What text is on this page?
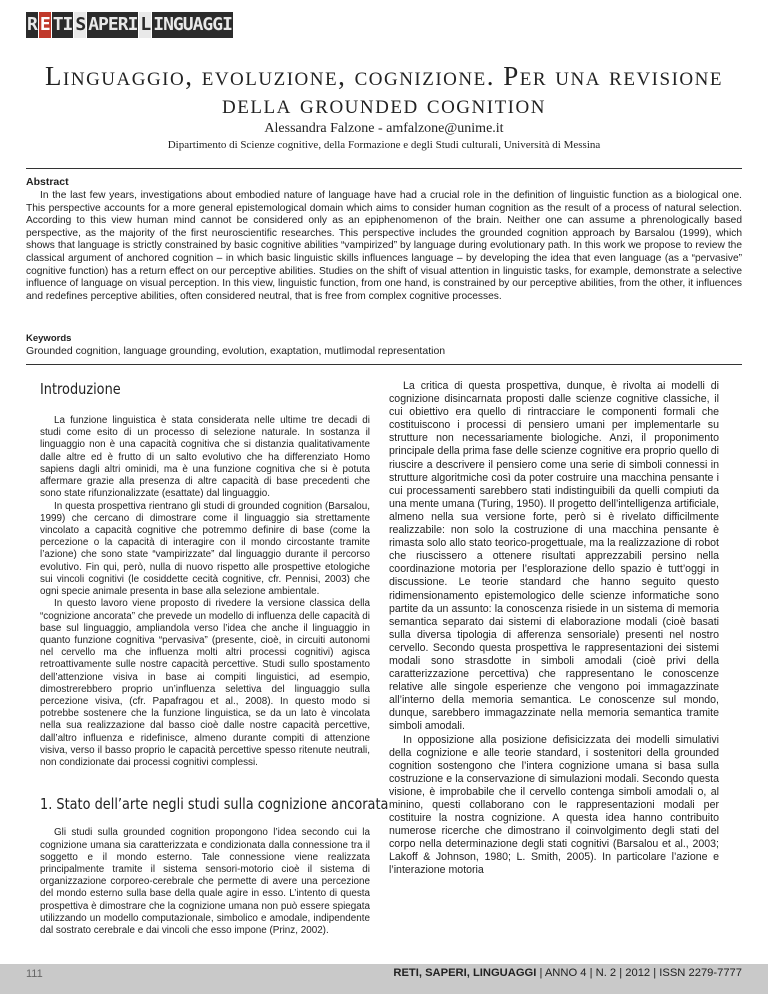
R E TI S APERI L INGUAGGI
Linguaggio, evoluzione, cognizione. Per una revisione della grounded cognition
Alessandra Falzone - amfalzone@unime.it
Dipartimento di Scienze cognitive, della Formazione e degli Studi culturali, Università di Messina
Abstract

In the last few years, investigations about embodied nature of language have had a crucial role in the definition of linguistic function as a biological one. This perspective accounts for a more general epistemological domain which aims to consider human cognition as the result of a process of natural selection. According to this view human mind cannot be considered only as an epiphenomenon of the brain. Neither one can assume a phrenologically based perspective, as the majority of the first neuroscientific researches. This perspective includes the grounded cognition approach by Barsalou (1999), which shows that language is strictly constrained by basic cognitive abilities “vampirized” by language during evolutionary path. In this work we propose to review the classical argument of anchored cognition – in which basic linguistic skills influences language – by developing the idea that even language (as a “pervasive” cognitive function) has a return effect on our perceptive abilities. Studies on the shift of visual attention in linguistic tasks, for example, demonstrate a selective influence of language on visual perception. In this view, linguistic function, from one hand, is constrained by our perceptive abilities, from the other, it influences and redefines perceptive abilities, often considered neutral, that is free from complex cognitive processes.

Keywords
Grounded cognition, language grounding, evolution, exaptation, mutlimodal representation
Introduzione

La funzione linguistica è stata considerata nelle ultime tre decadi di studi come esito di un processo di selezione naturale. In sostanza il linguaggio non è una capacità cognitiva che si distanzia qualitativamente dalle altre ed è frutto di un salto evolutivo che ha differenziato Homo sapiens dagli altri ominidi, ma è una funzione cognitiva che si è potuta affermare grazie alla presenza di altre capacità di base precedenti che sono state rifunzionalizzate (esattate) dal linguaggio.

In questa prospettiva rientrano gli studi di grounded cognition (Barsalou, 1999) che cercano di dimostrare come il linguaggio sia strettamente vincolato a capacità cognitive che potremmo definire di base (come la percezione o la capacità di interagire con il mondo circostante tramite l’azione) che sono state “vampirizzate” dal linguaggio durante il percorso evolutivo. Fin qui, però, nulla di nuovo rispetto alle prospettive etologiche sui vincoli cognitivi (le cosiddette cecità cognitive, cfr. Pennisi, 2003) che ogni specie animale presenta in base alla selezione ambientale.

In questo lavoro viene proposto di rivedere la versione classica della “cognizione ancorata” che prevede un modello di influenza delle capacità di base sul linguaggio, ampliandola verso l’idea che anche il linguaggio in quanto funzione cognitiva “pervasiva” (presente, cioè, in circuiti autonomi nel cervello ma che influenza molti altri processi cognitivi) agisca retroattivamente sulle nostre capacità percettive. Studi sullo spostamento dell’attenzione visiva in base ai compiti linguistici, ad esempio, dimostrerebbero proprio un’influenza selettiva del linguaggio sulla percezione visiva, (cfr. Papafragou et al., 2008). In questo modo si potrebbe sostenere che la funzione linguistica, se da un lato è vincolata nella sua realizzazione dal basso cioè dalle nostre capacità percettive, dall’altro influenza e ridefinisce, almeno durante compiti di attenzione visiva, verso il basso proprio le capacità percettive spesso ritenute neutrali, non condizionate dai processi cognitivi complessi.

1. Stato dell’arte negli studi sulla cognizione ancorata

Gli studi sulla grounded cognition propongono l’idea secondo cui la cognizione umana sia caratterizzata e condizionata dalla connessione tra il soggetto e il mondo esterno. Tale connessione viene realizzata principalmente tramite il sistema sensori-motorio cioè il sistema di organizzazione corporeo-cerebrale che permette di avere una percezione del mondo esterno sulla base della quale agire in esso. L’intento di questa prospettiva è dimostrare che la cognizione umana non può essere spiegata utilizzando un modello computazionale, simbolico e amodale, indipendente dal sostrato cerebrale e dai vincoli che esso impone (Prinz, 2002).

La critica di questa prospettiva, dunque, è rivolta ai modelli di cognizione disincarnata proposti dalle scienze cognitive classiche, il cui obiettivo era quello di rintracciare le componenti formali che costituiscono i processi di pensiero umani per implementarle su strutture non necessariamente biologiche. Anzi, il proponimento principale della prima fase delle scienze cognitive era proprio quello di riuscire a descrivere il pensiero come una serie di simboli connessi in strutture algoritmiche così da poter costruire una macchina pensante i cui processamenti sarebbero stati indistinguibili da quelli compiuti da una mente umana (Turing, 1950). Il progetto dell’intelligenza artificiale, almeno nella sua versione forte, però si è rivelato difficilmente realizzabile: non solo la costruzione di una macchina pensante è rimasta solo allo stato teorico-progettuale, ma la realizzazione di robot che riuscissero a ottenere risultati apprezzabili persino nella coordinazione motoria per l’esplorazione dello spazio è tutt’oggi in discussione. Le teorie standard che hanno seguito questo ridimensionamento epistemologico delle scienze informatiche sono partite da un assunto: la conoscenza risiede in un sistema di memoria semantica separato dai sistemi di elaborazione modali (cioè basati sulla diversa tipologia di afferenza sensoriale) presenti nel nostro cervello. Secondo questa prospettiva le rappresentazioni dei sistemi modali sono strasdotte in simboli amodali (cioè privi della caratterizzazione percettiva) che rappresentano le conoscenze relative alle singole esperienze che vengono poi immagazzinate all’interno della memoria semantica. Le conoscenze sul mondo, dunque, sarebbero immagazzinate nella memoria semantica tramite simboli amodali.

In opposizione alla posizione defisicizzata dei modelli simulativi della cognizione e alle teorie standard, i sostenitori della grounded cognition sostengono che l’intera cognizione umana si basa sulla costruzione e la conservazione di simulazioni modali. Secondo questa visione, è improbabile che il cervello contenga simboli amodali o, al minino, questi collaborano con le rappresentazioni modali per costituire la nostra cognizione. A questa idea hanno contribuito numerose ricerche che dimostrano il coinvolgimento degli stati del corpo nella determinazione degli stati cognitivi (Barsalou et al., 2003; Lakoff & Johnson, 1980; L. Smith, 2005). In particolare l’azione e l’interazione motoria

111	RETI, SAPERI, LINGUAGGI | ANNO 4 | N. 2 | 2012 | ISSN 2279-7777
